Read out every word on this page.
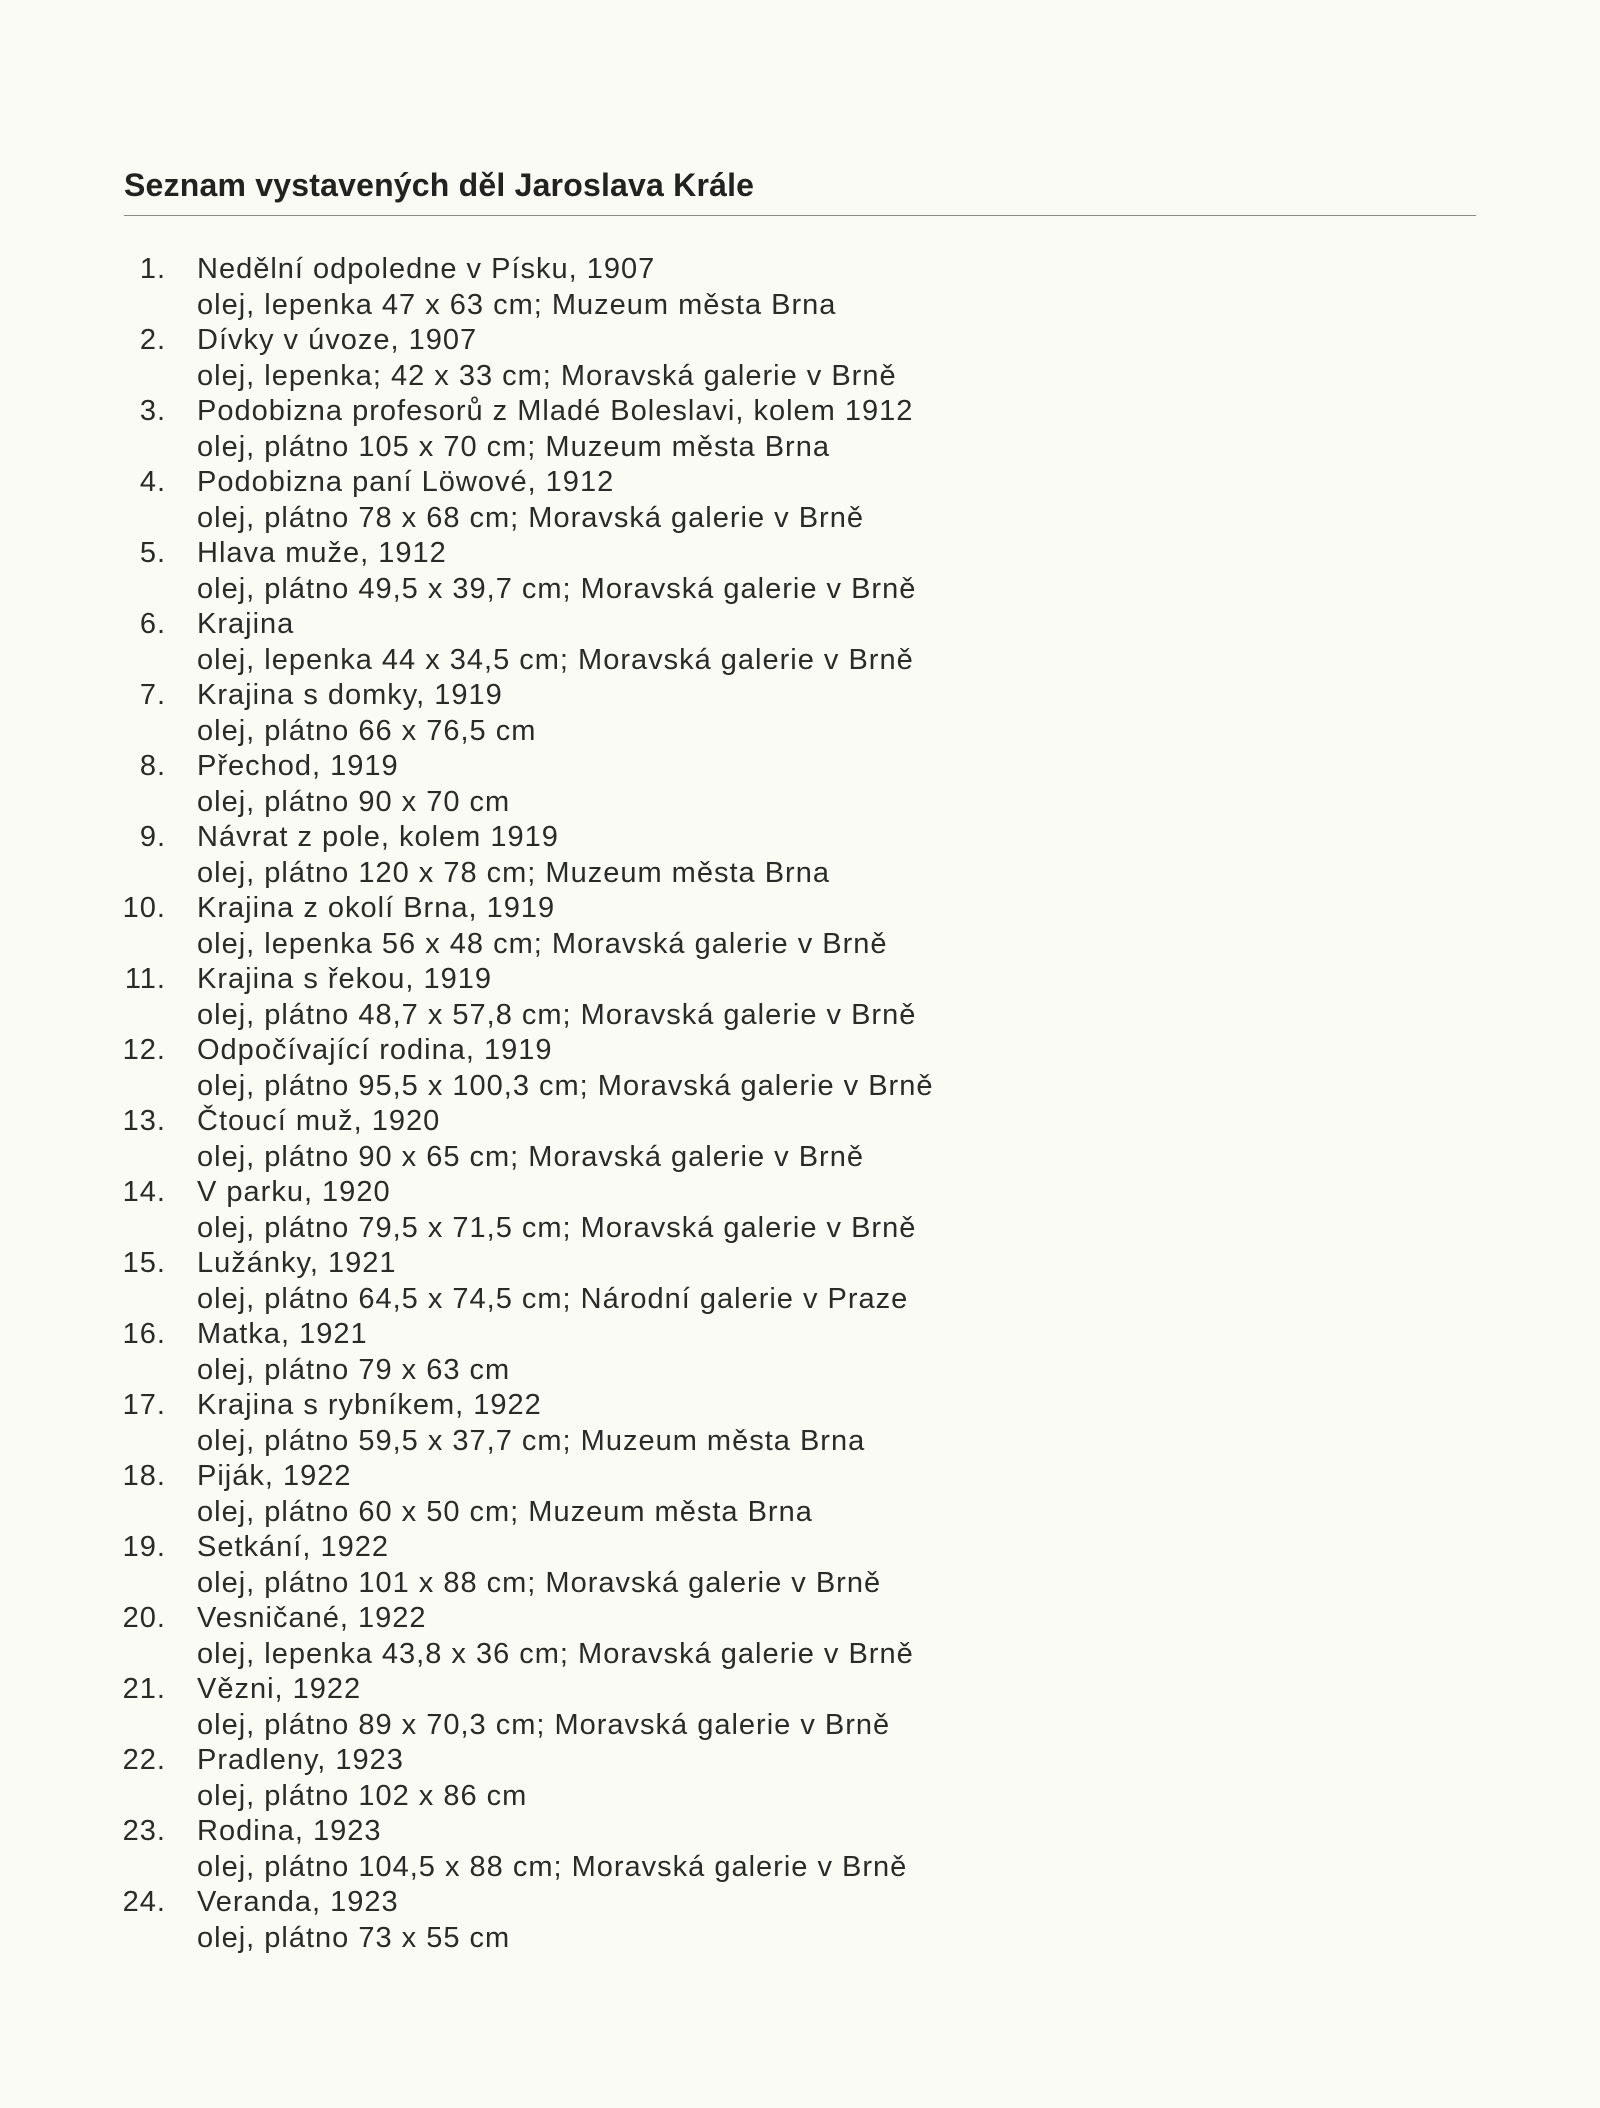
Seznam vystavených děl Jaroslava Krále
1. Nedělní odpoledne v Písku, 1907
olej, lepenka 47 x 63 cm; Muzeum města Brna
2. Dívky v úvoze, 1907
olej, lepenka; 42 x 33 cm; Moravská galerie v Brně
3. Podobizna profesorů z Mladé Boleslavi, kolem 1912
olej, plátno 105 x 70 cm; Muzeum města Brna
4. Podobizna paní Löwové, 1912
olej, plátno 78 x 68 cm; Moravská galerie v Brně
5. Hlava muže, 1912
olej, plátno 49,5 x 39,7 cm; Moravská galerie v Brně
6. Krajina
olej, lepenka 44 x 34,5 cm; Moravská galerie v Brně
7. Krajina s domky, 1919
olej, plátno 66 x 76,5 cm
8. Přechod, 1919
olej, plátno 90 x 70 cm
9. Návrat z pole, kolem 1919
olej, plátno 120 x 78 cm; Muzeum města Brna
10. Krajina z okolí Brna, 1919
olej, lepenka 56 x 48 cm; Moravská galerie v Brně
11. Krajina s řekou, 1919
olej, plátno 48,7 x 57,8 cm; Moravská galerie v Brně
12. Odpočívající rodina, 1919
olej, plátno 95,5 x 100,3 cm; Moravská galerie v Brně
13. Čtoucí muž, 1920
olej, plátno 90 x 65 cm; Moravská galerie v Brně
14. V parku, 1920
olej, plátno 79,5 x 71,5 cm; Moravská galerie v Brně
15. Lužánky, 1921
olej, plátno 64,5 x 74,5 cm; Národní galerie v Praze
16. Matka, 1921
olej, plátno 79 x 63 cm
17. Krajina s rybníkem, 1922
olej, plátno 59,5 x 37,7 cm; Muzeum města Brna
18. Piják, 1922
olej, plátno 60 x 50 cm; Muzeum města Brna
19. Setkání, 1922
olej, plátno 101 x 88 cm; Moravská galerie v Brně
20. Vesničané, 1922
olej, lepenka 43,8 x 36 cm; Moravská galerie v Brně
21. Vězni, 1922
olej, plátno 89 x 70,3 cm; Moravská galerie v Brně
22. Pradleny, 1923
olej, plátno 102 x 86 cm
23. Rodina, 1923
olej, plátno 104,5 x 88 cm; Moravská galerie v Brně
24. Veranda, 1923
olej, plátno 73 x 55 cm
